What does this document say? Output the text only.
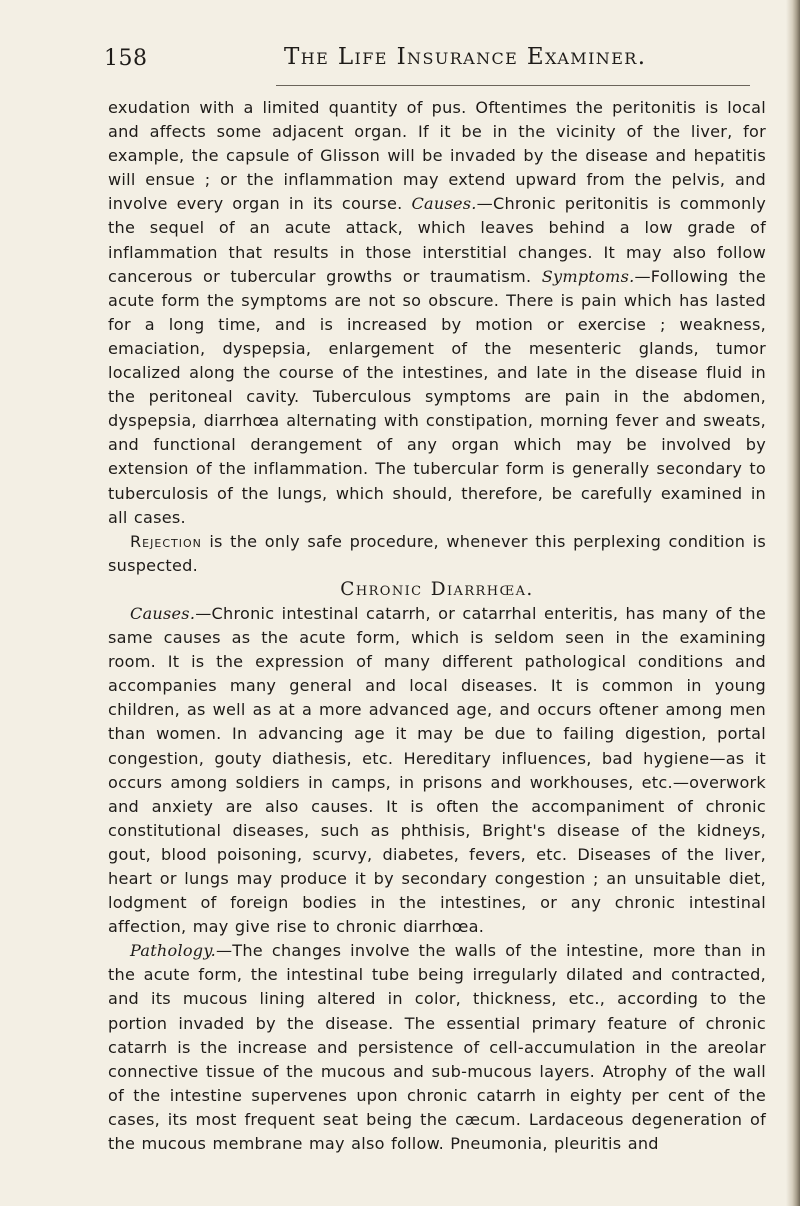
158	The Life Insurance Examiner.

exudation with a limited quantity of pus. Oftentimes the peritonitis is local and affects some adjacent organ. If it be in the vicinity of the liver, for example, the capsule of Glisson will be invaded by the disease and hepatitis will ensue ; or the inflammation may extend upward from the pelvis, and involve every organ in its course. Causes.—Chronic peritonitis is commonly the sequel of an acute attack, which leaves behind a low grade of inflammation that results in those interstitial changes. It may also follow cancerous or tubercular growths or traumatism. Symptoms.—Following the acute form the symptoms are not so obscure. There is pain which has lasted for a long time, and is increased by motion or exercise ; weakness, emaciation, dyspepsia, enlargement of the mesenteric glands, tumor localized along the course of the intestines, and late in the disease fluid in the peritoneal cavity. Tuberculous symptoms are pain in the abdomen, dyspepsia, diarrhœa alternating with constipation, morning fever and sweats, and functional derangement of any organ which may be involved by extension of the inflammation. The tubercular form is generally secondary to tuberculosis of the lungs, which should, therefore, be carefully examined in all cases.

Rejection is the only safe procedure, whenever this perplexing condition is suspected.

Chronic Diarrhœa.

Causes.—Chronic intestinal catarrh, or catarrhal enteritis, has many of the same causes as the acute form, which is seldom seen in the examining room. It is the expression of many different pathological conditions and accompanies many general and local diseases. It is common in young children, as well as at a more advanced age, and occurs oftener among men than women. In advancing age it may be due to failing digestion, portal congestion, gouty diathesis, etc. Hereditary influences, bad hygiene—as it occurs among soldiers in camps, in prisons and workhouses, etc.—overwork and anxiety are also causes. It is often the accompaniment of chronic constitutional diseases, such as phthisis, Bright's disease of the kidneys, gout, blood poisoning, scurvy, diabetes, fevers, etc. Diseases of the liver, heart or lungs may produce it by secondary congestion ; an unsuitable diet, lodgment of foreign bodies in the intestines, or any chronic intestinal affection, may give rise to chronic diarrhœa.

Pathology.—The changes involve the walls of the intestine, more than in the acute form, the intestinal tube being irregularly dilated and contracted, and its mucous lining altered in color, thickness, etc., according to the portion invaded by the disease. The essential primary feature of chronic catarrh is the increase and persistence of cell-accumulation in the areolar connective tissue of the mucous and sub-mucous layers. Atrophy of the wall of the intestine supervenes upon chronic catarrh in eighty per cent of the cases, its most frequent seat being the cæcum. Lardaceous degeneration of the mucous membrane may also follow. Pneumonia, pleuritis and
